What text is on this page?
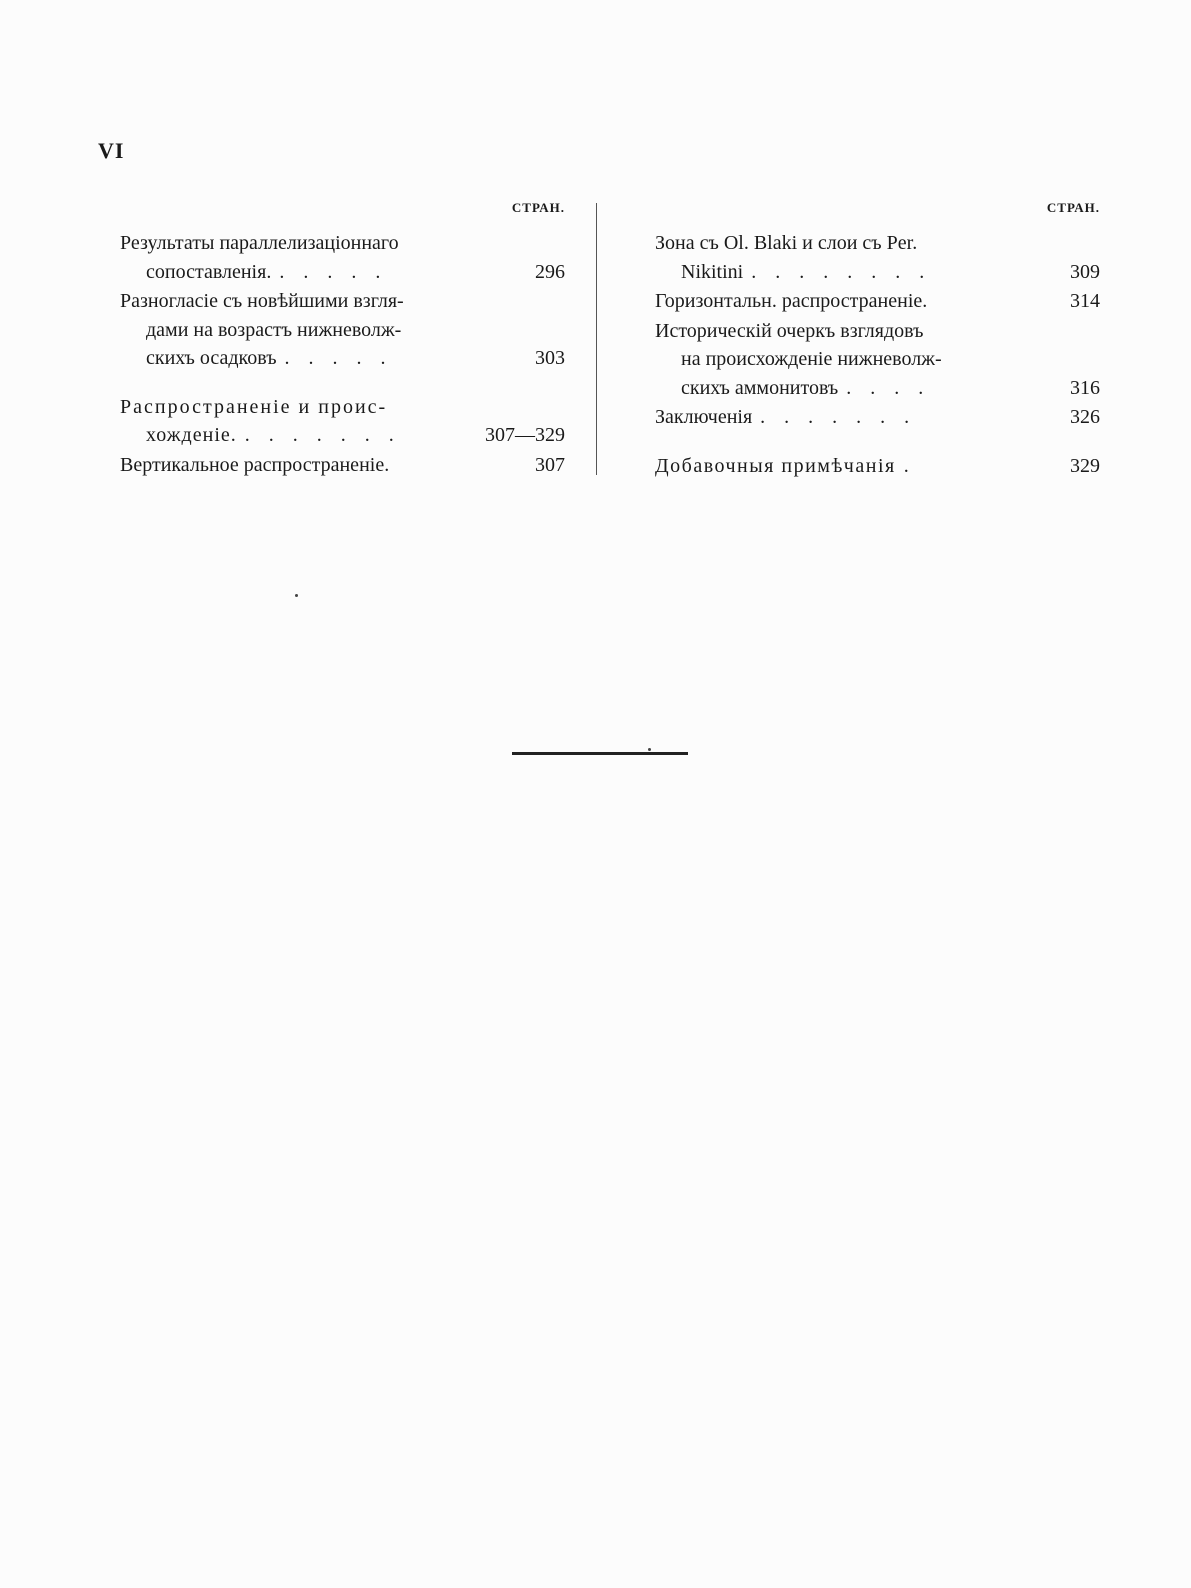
VI
СТРАН.
Результаты параллелизаціоннаго
сопоставленія. . . . . .	296
Разногласіе съ новѣйшими взгля-
дами на возрастъ нижневолж-
скихъ осадковъ . . . . .	303
Распространеніе и проис-
хожденіе. . . . . . . .	307—329
Вертикальное распространеніе.	307
СТРАН.
Зона съ Ol. Blaki и слои съ Per.
Nikitini . . . . . . . .	309
Горизонтальн. распространеніе.	314
Историческій очеркъ взглядовъ
на происхожденіе нижневолж-
скихъ аммонитовъ . . . .	316
Заключенія . . . . . . .	326
Добавочныя примѣчанія .	329
